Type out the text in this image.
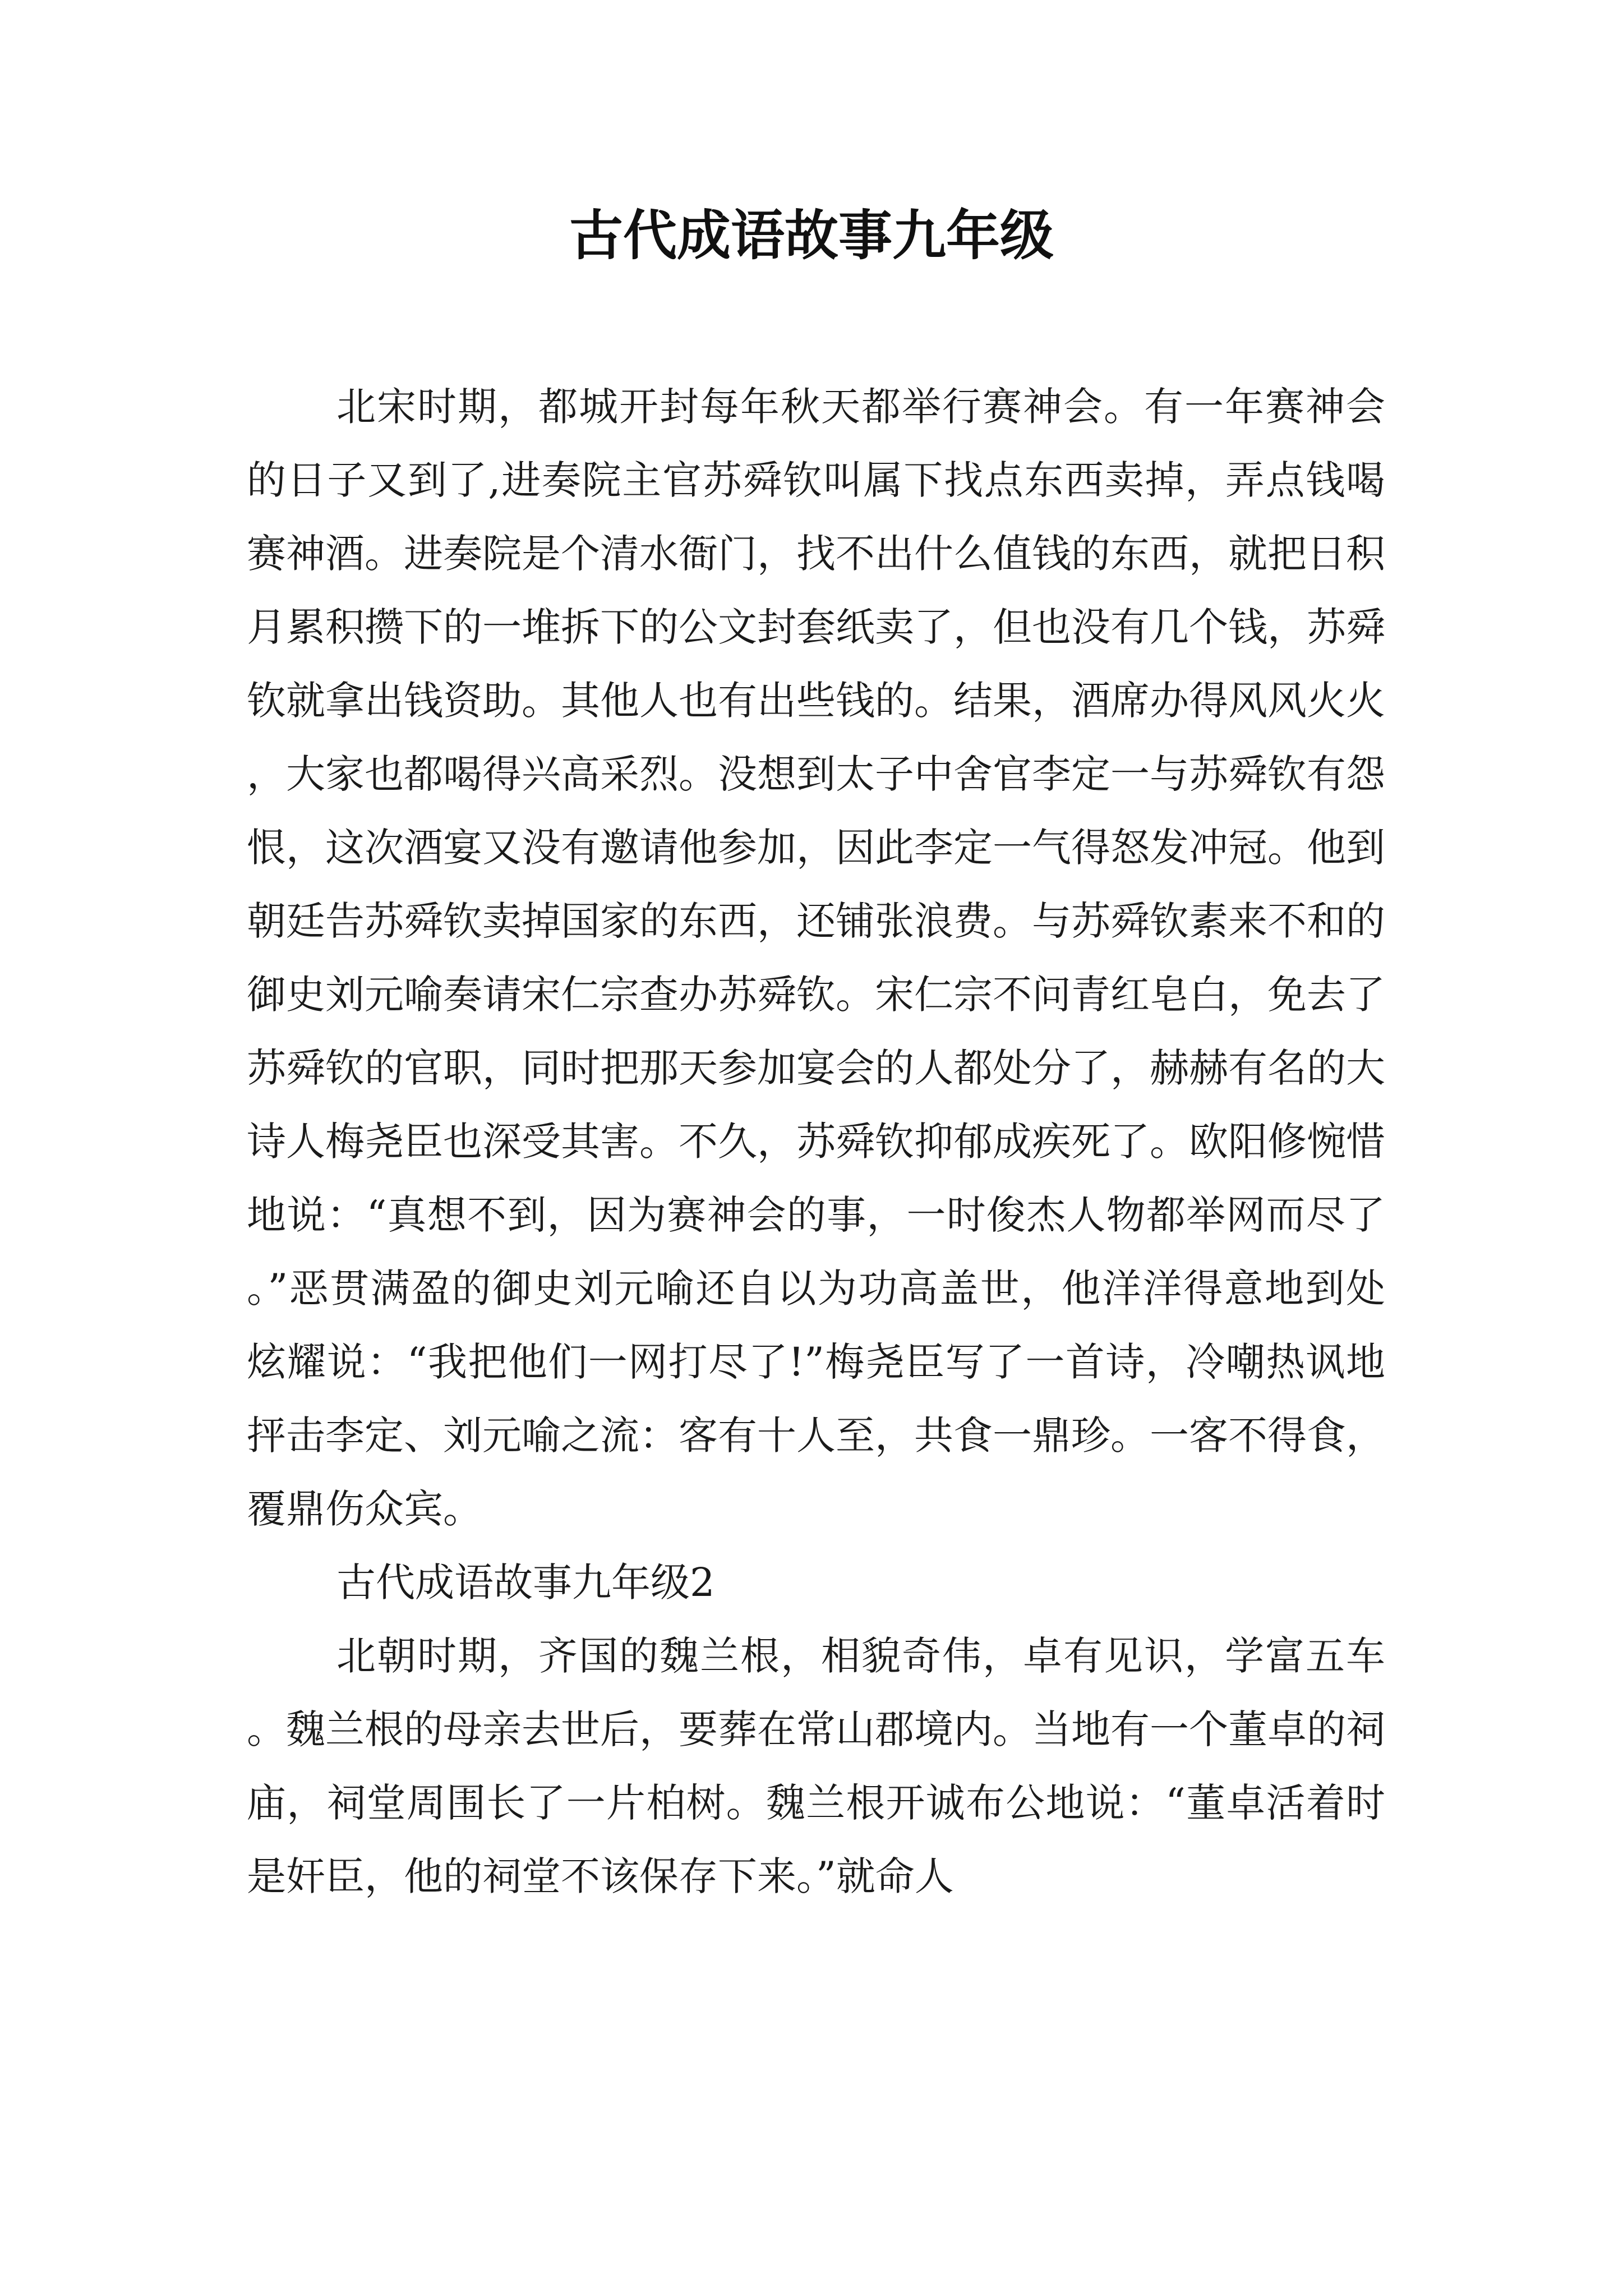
古代成语故事九年级

北宋时期，都城开封每年秋天都举行赛神会。有一年赛神会的日子又到了,进奏院主官苏舜钦叫属下找点东西卖掉，弄点钱喝赛神酒。进奏院是个清水衙门，找不出什么值钱的东西，就把日积月累积攒下的一堆拆下的公文封套纸卖了，但也没有几个钱，苏舜钦就拿出钱资助。其他人也有出些钱的。结果，酒席办得风风火火，大家也都喝得兴高采烈。没想到太子中舍官李定一与苏舜钦有怨恨，这次酒宴又没有邀请他参加，因此李定一气得怒发冲冠。他到朝廷告苏舜钦卖掉国家的东西，还铺张浪费。与苏舜钦素来不和的御史刘元喻奏请宋仁宗查办苏舜钦。宋仁宗不问青红皂白，免去了苏舜钦的官职，同时把那天参加宴会的人都处分了，赫赫有名的大诗人梅尧臣也深受其害。不久，苏舜钦抑郁成疾死了。欧阳修惋惜地说：“真想不到，因为赛神会的事，一时俊杰人物都举网而尽了。”恶贯满盈的御史刘元喻还自以为功高盖世，他洋洋得意地到处炫耀说：“我把他们一网打尽了!”梅尧臣写了一首诗，冷嘲热讽地抨击李定、刘元喻之流：客有十人至，共食一鼎珍。一客不得食，覆鼎伤众宾。

古代成语故事九年级2

北朝时期，齐国的魏兰根，相貌奇伟，卓有见识，学富五车。魏兰根的母亲去世后，要葬在常山郡境内。当地有一个董卓的祠庙，祠堂周围长了一片柏树。魏兰根开诚布公地说：“董卓活着时是奸臣，他的祠堂不该保存下来。”就命人
